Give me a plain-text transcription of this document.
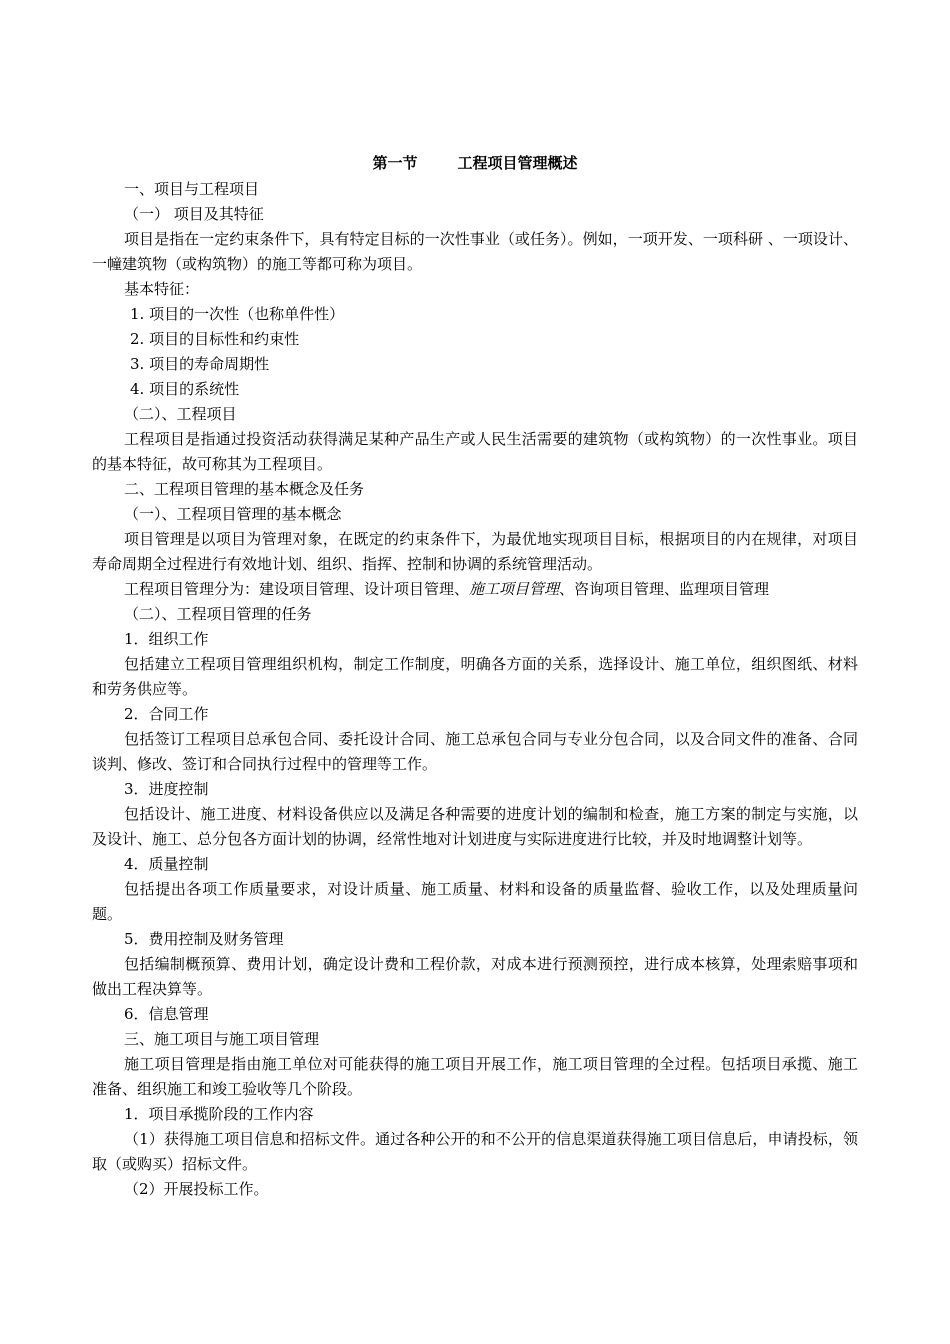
第一节	工程项目管理概述

一、项目与工程项目

（一） 项目及其特征

项目是指在一定约束条件下，具有特定目标的一次性事业（或任务）。例如，一项开发、一项科研 、一项设计、一幢建筑物（或构筑物）的施工等都可称为项目。

基本特征：

1. 项目的一次性（也称单件性）

2. 项目的目标性和约束性

3. 项目的寿命周期性

4. 项目的系统性

（二）、工程项目

工程项目是指通过投资活动获得满足某种产品生产或人民生活需要的建筑物（或构筑物）的一次性事业。项目的基本特征，故可称其为工程项目。

二、工程项目管理的基本概念及任务

（一）、工程项目管理的基本概念

项目管理是以项目为管理对象，在既定的约束条件下，为最优地实现项目目标，根据项目的内在规律，对项目寿命周期全过程进行有效地计划、组织、指挥、控制和协调的系统管理活动。

工程项目管理分为：建设项目管理、设计项目管理、施工项目管理、咨询项目管理、监理项目管理

（二）、工程项目管理的任务

1．组织工作

包括建立工程项目管理组织机构，制定工作制度，明确各方面的关系，选择设计、施工单位，组织图纸、材料和劳务供应等。

2．合同工作

包括签订工程项目总承包合同、委托设计合同、施工总承包合同与专业分包合同，以及合同文件的准备、合同谈判、修改、签订和合同执行过程中的管理等工作。

3．进度控制

包括设计、施工进度、材料设备供应以及满足各种需要的进度计划的编制和检查，施工方案的制定与实施，以及设计、施工、总分包各方面计划的协调，经常性地对计划进度与实际进度进行比较，并及时地调整计划等。

4．质量控制

包括提出各项工作质量要求，对设计质量、施工质量、材料和设备的质量监督、验收工作，以及处理质量问题。

5．费用控制及财务管理

包括编制概预算、费用计划，确定设计费和工程价款，对成本进行预测预控，进行成本核算，处理索赔事项和做出工程决算等。

6．信息管理

三、施工项目与施工项目管理

施工项目管理是指由施工单位对可能获得的施工项目开展工作，施工项目管理的全过程。包括项目承揽、施工准备、组织施工和竣工验收等几个阶段。

1．项目承揽阶段的工作内容

（1）获得施工项目信息和招标文件。通过各种公开的和不公开的信息渠道获得施工项目信息后，申请投标，领取（或购买）招标文件。

（2）开展投标工作。
